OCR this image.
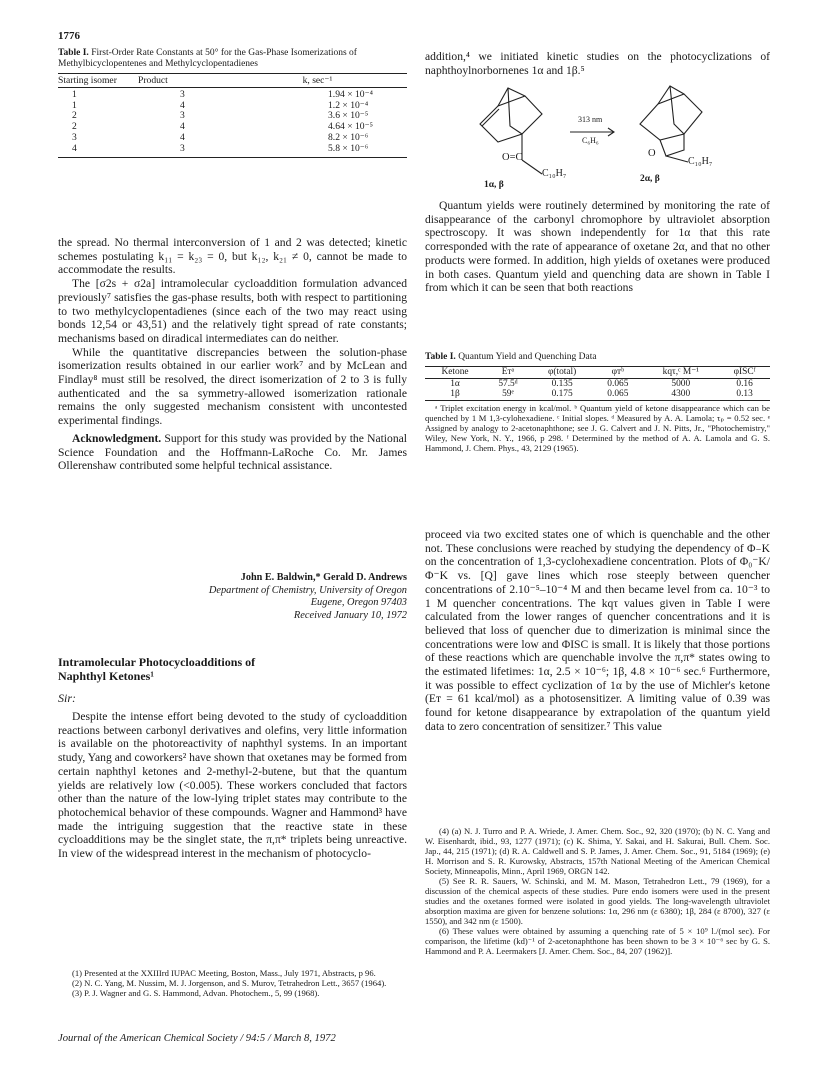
1776
Table I. First-Order Rate Constants at 50° for the Gas-Phase Isomerizations of Methylbicyclopentenes and Methylcyclopentadienes
Starting isomer	Product	k, sec⁻¹
1	3	1.94 × 10⁻⁴
1	4	1.2 × 10⁻⁴
2	3	3.6 × 10⁻⁵
2	4	4.64 × 10⁻⁵
3	4	8.2 × 10⁻⁶
4	3	5.8 × 10⁻⁶

the spread. No thermal interconversion of 1 and 2 was detected; kinetic schemes postulating k₁₁ = k₂₃ = 0, but k₁₂, k₂₁ ≠ 0, cannot be made to accommodate the results.

The [σ2s + σ2a] intramolecular cycloaddition formulation advanced previously⁷ satisfies the gas-phase results, both with respect to partitioning to two methylcyclopentadienes (since each of the two may react using bonds 12,54 or 43,51) and the relatively tight spread of rate constants; mechanisms based on diradical intermediates can do neither.

While the quantitative discrepancies between the solution-phase isomerization results obtained in our earlier work⁷ and by McLean and Findlay⁸ must still be resolved, the direct isomerization of 2 to 3 is fully authenticated and the sa symmetry-allowed isomerization rationale remains the only suggested mechanism consistent with uncontested experimental findings.

Acknowledgment. Support for this study was provided by the National Science Foundation and the Hoffmann-LaRoche Co. Mr. James Ollerenshaw contributed some helpful technical assistance.

John E. Baldwin,* Gerald D. Andrews
Department of Chemistry, University of Oregon
Eugene, Oregon 97403
Received January 10, 1972
Intramolecular Photocycloadditions of Naphthyl Ketones¹
Sir:

Despite the intense effort being devoted to the study of cycloaddition reactions between carbonyl derivatives and olefins, very little information is available on the photoreactivity of naphthyl systems. In an important study, Yang and coworkers² have shown that oxetanes may be formed from certain naphthyl ketones and 2-methyl-2-butene, but that the quantum yields are relatively low (<0.005). These workers concluded that factors other than the nature of the low-lying triplet states may contribute to the photochemical behavior of these compounds. Wagner and Hammond³ have made the intriguing suggestion that the reactive state in these cycloadditions may be the singlet state, the π,π* triplets being unreactive. In view of the widespread interest in the mechanism of photocyclo-

(1) Presented at the XXIIIrd IUPAC Meeting, Boston, Mass., July 1971, Abstracts, p 96.

(2) N. C. Yang, M. Nussim, M. J. Jorgenson, and S. Murov, Tetrahedron Lett., 3657 (1964).

(3) P. J. Wagner and G. S. Hammond, Advan. Photochem., 5, 99 (1968).

addition,⁴ we initiated kinetic studies on the photocyclizations of naphthoylnorbornenes 1α and 1β.⁵

313 nm
C₆H₆
O=C
C₁₀H₇
1α, β
O
C₁₀H₇
2α, β

Quantum yields were routinely determined by monitoring the rate of disappearance of the carbonyl chromophore by ultraviolet absorption spectroscopy. It was shown independently for 1α that this rate corresponded with the rate of appearance of oxetane 2α, and that no other products were formed. In addition, high yields of oxetanes were produced in both cases. Quantum yield and quenching data are shown in Table I from which it can be seen that both reactions

Table I. Quantum Yield and Quenching Data
Ketone	Eᴛᵃ	φ(total)	φᴛᵇ	kqτ,ᶜ M⁻¹	φISCᶠ
1α	57.5ᵈ	0.135	0.065	5000	0.16
1β	59ᵉ	0.175	0.065	4300	0.13

ᵃ Triplet excitation energy in kcal/mol. ᵇ Quantum yield of ketone disappearance which can be quenched by 1 M 1,3-cylohexadiene. ᶜ Initial slopes. ᵈ Measured by A. A. Lamola; τₚ = 0.52 sec. ᵉ Assigned by analogy to 2-acetonaphthone; see J. G. Calvert and J. N. Pitts, Jr., "Photochemistry," Wiley, New York, N. Y., 1966, p 298. ᶠ Determined by the method of A. A. Lamola and G. S. Hammond, J. Chem. Phys., 43, 2129 (1965).

proceed via two excited states one of which is quenchable and the other not. These conclusions were reached by studying the dependency of Φ₋K on the concentration of 1,3-cyclohexadiene concentration. Plots of Φ₀⁻K/Φ⁻K vs. [Q] gave lines which rose steeply between quencher concentrations of 2.10⁻⁵–10⁻⁴ M and then became level from ca. 10⁻³ to 1 M quencher concentrations. The kqτ values given in Table I were calculated from the lower ranges of quencher concentrations and it is believed that loss of quencher due to dimerization is minimal since the concentrations were low and ΦISC is small. It is likely that those portions of these reactions which are quenchable involve the π,π* states owing to the estimated lifetimes: 1α, 2.5 × 10⁻⁶; 1β, 4.8 × 10⁻⁶ sec.⁶ Furthermore, it was possible to effect cyclization of 1α by the use of Michler's ketone (Eᴛ = 61 kcal/mol) as a photosensitizer. A limiting value of 0.39 was found for ketone disappearance by extrapolation of the quantum yield data to zero concentration of sensitizer.⁷ This value

(4) (a) N. J. Turro and P. A. Wriede, J. Amer. Chem. Soc., 92, 320 (1970); (b) N. C. Yang and W. Eisenhardt, ibid., 93, 1277 (1971); (c) K. Shima, Y. Sakai, and H. Sakurai, Bull. Chem. Soc. Jap., 44, 215 (1971); (d) R. A. Caldwell and S. P. James, J. Amer. Chem. Soc., 91, 5184 (1969); (e) H. Morrison and S. R. Kurowsky, Abstracts, 157th National Meeting of the American Chemical Society, Minneapolis, Minn., April 1969, ORGN 142.

(5) See R. R. Sauers, W. Schinski, and M. M. Mason, Tetrahedron Lett., 79 (1969), for a discussion of the chemical aspects of these studies. Pure endo isomers were used in the present studies and the oxetanes formed were isolated in good yields. The long-wavelength ultraviolet absorption maxima are given for benzene solutions: 1α, 296 nm (ε 6380); 1β, 284 (ε 8700), 327 (ε 1550), and 342 nm (ε 1500).

(6) These values were obtained by assuming a quenching rate of 5 × 10⁹ l./(mol sec). For comparison, the lifetime (kd)⁻¹ of 2-acetonaphthone has been shown to be 3 × 10⁻⁶ sec by G. S. Hammond and P. A. Leermakers [J. Amer. Chem. Soc., 84, 207 (1962)].

Journal of the American Chemical Society / 94:5 / March 8, 1972
